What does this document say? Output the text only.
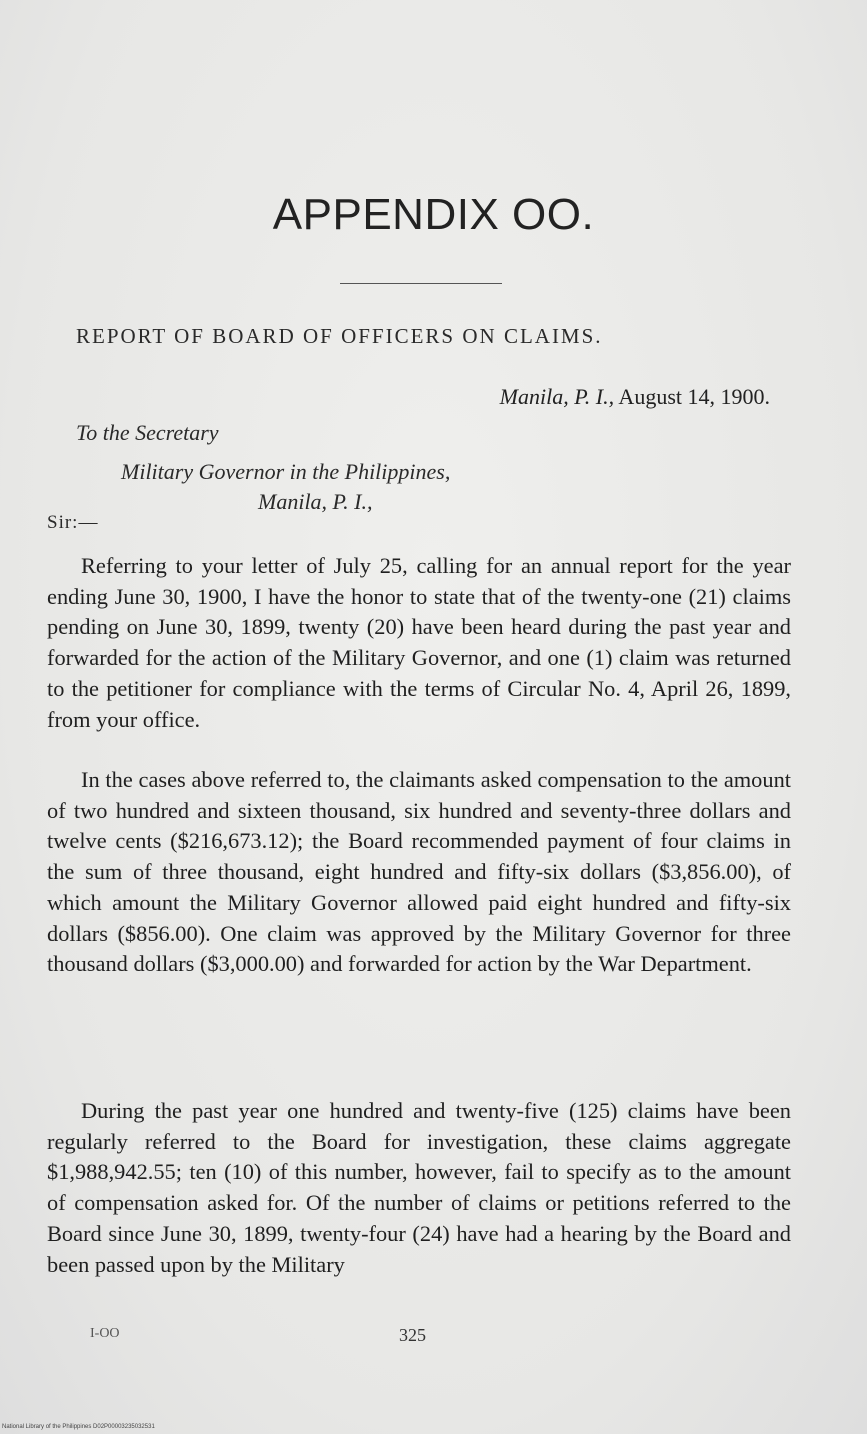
APPENDIX OO.
REPORT OF BOARD OF OFFICERS ON CLAIMS.
Manila, P. I., August 14, 1900.
To the Secretary
Military Governor in the Philippines,
Manila, P. I.,
Sir:—

Referring to your letter of July 25, calling for an annual report for the year ending June 30, 1900, I have the honor to state that of the twenty-one (21) claims pending on June 30, 1899, twenty (20) have been heard during the past year and forwarded for the action of the Military Governor, and one (1) claim was returned to the petitioner for compliance with the terms of Circular No. 4, April 26, 1899, from your office.

In the cases above referred to, the claimants asked compensation to the amount of two hundred and sixteen thousand, six hundred and seventy-three dollars and twelve cents ($216,673.12); the Board recommended payment of four claims in the sum of three thousand, eight hundred and fifty-six dollars ($3,856.00), of which amount the Military Governor allowed paid eight hundred and fifty-six dollars ($856.00). One claim was approved by the Military Governor for three thousand dollars ($3,000.00) and forwarded for action by the War Department.

During the past year one hundred and twenty-five (125) claims have been regularly referred to the Board for investigation, these claims aggregate $1,988,942.55; ten (10) of this number, however, fail to specify as to the amount of compensation asked for. Of the number of claims or petitions referred to the Board since June 30, 1899, twenty-four (24) have had a hearing by the Board and been passed upon by the Military

I-OO	325
National Library of the Philippines D02P00003235032531
